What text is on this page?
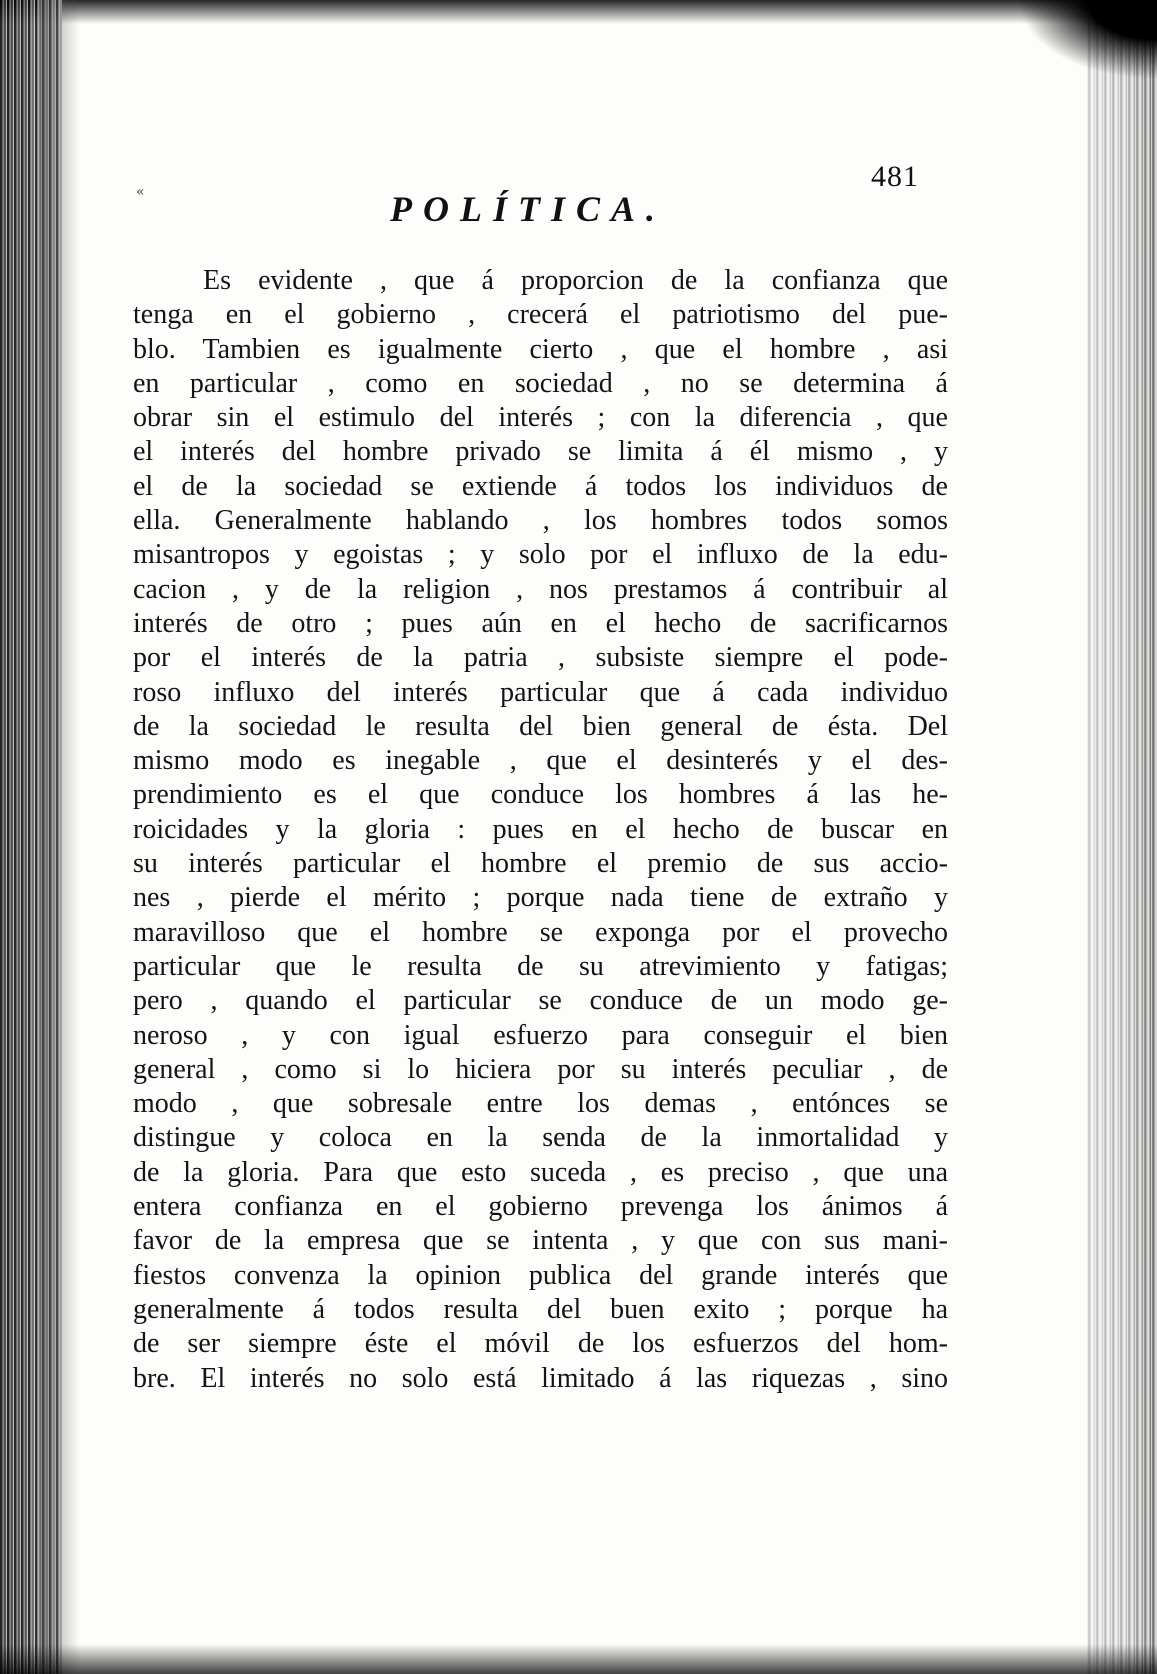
«	POLÍTICA.
481
Es evidente , que á proporcion de la confianza que
tenga en el gobierno , crecerá el patriotismo del pue-
blo. Tambien es igualmente cierto , que el hombre , asi
en particular , como en sociedad , no se determina á
obrar sin el estimulo del interés ; con la diferencia , que
el interés del hombre privado se limita á él mismo , y
el de la sociedad se extiende á todos los individuos de
ella. Generalmente hablando , los hombres todos somos
misantropos y egoistas ; y solo por el influxo de la edu-
cacion , y de la religion , nos prestamos á contribuir al
interés de otro ; pues aún en el hecho de sacrificarnos
por el interés de la patria , subsiste siempre el pode-
roso influxo del interés particular que á cada individuo
de la sociedad le resulta del bien general de ésta. Del
mismo modo es inegable , que el desinterés y el des-
prendimiento es el que conduce los hombres á las he-
roicidades y la gloria : pues en el hecho de buscar en
su interés particular el hombre el premio de sus accio-
nes , pierde el mérito ; porque nada tiene de extraño y
maravilloso que el hombre se exponga por el provecho
particular que le resulta de su atrevimiento y fatigas;
pero , quando el particular se conduce de un modo ge-
neroso , y con igual esfuerzo para conseguir el bien
general , como si lo hiciera por su interés peculiar , de
modo , que sobresale entre los demas , entónces se
distingue y coloca en la senda de la inmortalidad y
de la gloria. Para que esto suceda , es preciso , que una
entera confianza en el gobierno prevenga los ánimos á
favor de la empresa que se intenta , y que con sus mani-
fiestos convenza la opinion publica del grande interés que
generalmente á todos resulta del buen exito ; porque ha
de ser siempre éste el móvil de los esfuerzos del hom-
bre. El interés no solo está limitado á las riquezas , sino
